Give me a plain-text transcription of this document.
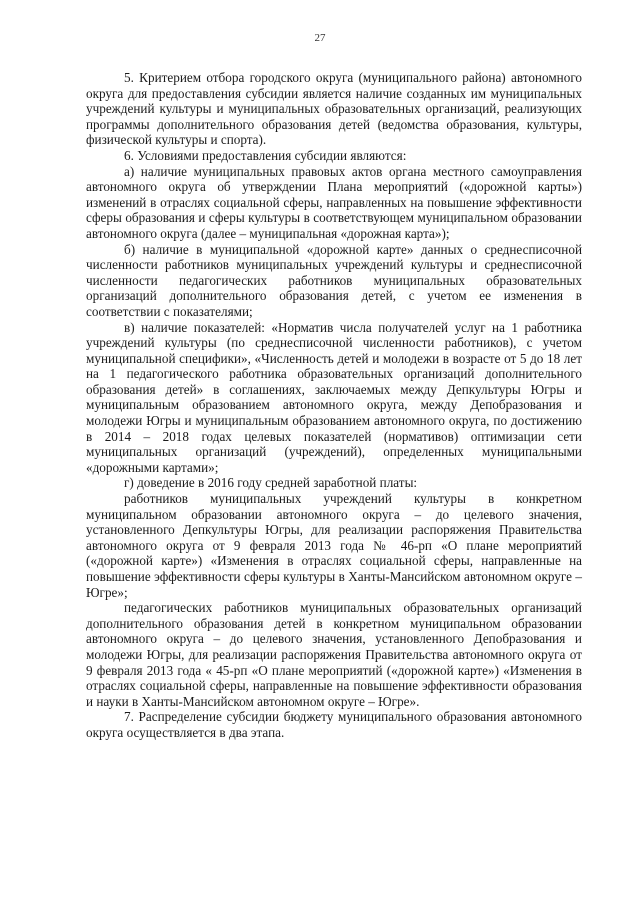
27

5. Критерием отбора городского округа (муниципального района) автономного округа для предоставления субсидии является наличие созданных им муниципальных учреждений культуры и муниципальных образовательных организаций, реализующих программы дополнительного образования детей (ведомства образования, культуры, физической культуры и спорта).

6. Условиями предоставления субсидии являются:

а) наличие муниципальных правовых актов органа местного самоуправления автономного округа об утверждении Плана мероприятий («дорожной карты») изменений в отраслях социальной сферы, направленных на повышение эффективности сферы образования и сферы культуры в соответствующем муниципальном образовании автономного округа (далее – муниципальная «дорожная карта»);

б) наличие в муниципальной «дорожной карте» данных о среднесписочной численности работников муниципальных учреждений культуры и среднесписочной численности педагогических работников муниципальных образовательных организаций дополнительного образования детей, с учетом ее изменения в соответствии с показателями;

в) наличие показателей: «Норматив числа получателей услуг на 1 работника учреждений культуры (по среднесписочной численности работников), с учетом муниципальной специфики», «Численность детей и молодежи в возрасте от 5 до 18 лет на 1 педагогического работника образовательных организаций дополнительного образования детей» в соглашениях, заключаемых между Депкультуры Югры и муниципальным образованием автономного округа, между Депобразования и молодежи Югры и муниципальным образованием автономного округа, по достижению в 2014 – 2018 годах целевых показателей (нормативов) оптимизации сети муниципальных организаций (учреждений), определенных муниципальными «дорожными картами»;

г) доведение в 2016 году средней заработной платы:

работников муниципальных учреждений культуры в конкретном муниципальном образовании автономного округа – до целевого значения, установленного Депкультуры Югры, для реализации распоряжения Правительства автономного округа от 9 февраля 2013 года № 46-рп «О плане мероприятий («дорожной карте») «Изменения в отраслях социальной сферы, направленные на повышение эффективности сферы культуры в Ханты-Мансийском автономном округе – Югре»;

педагогических работников муниципальных образовательных организаций дополнительного образования детей в конкретном муниципальном образовании автономного округа – до целевого значения, установленного Депобразования и молодежи Югры, для реализации распоряжения Правительства автономного округа от 9 февраля 2013 года « 45-рп «О плане мероприятий («дорожной карте») «Изменения в отраслях социальной сферы, направленные на повышение эффективности образования и науки в Ханты-Мансийском автономном округе – Югре».

7. Распределение субсидии бюджету муниципального образования автономного округа осуществляется в два этапа.
